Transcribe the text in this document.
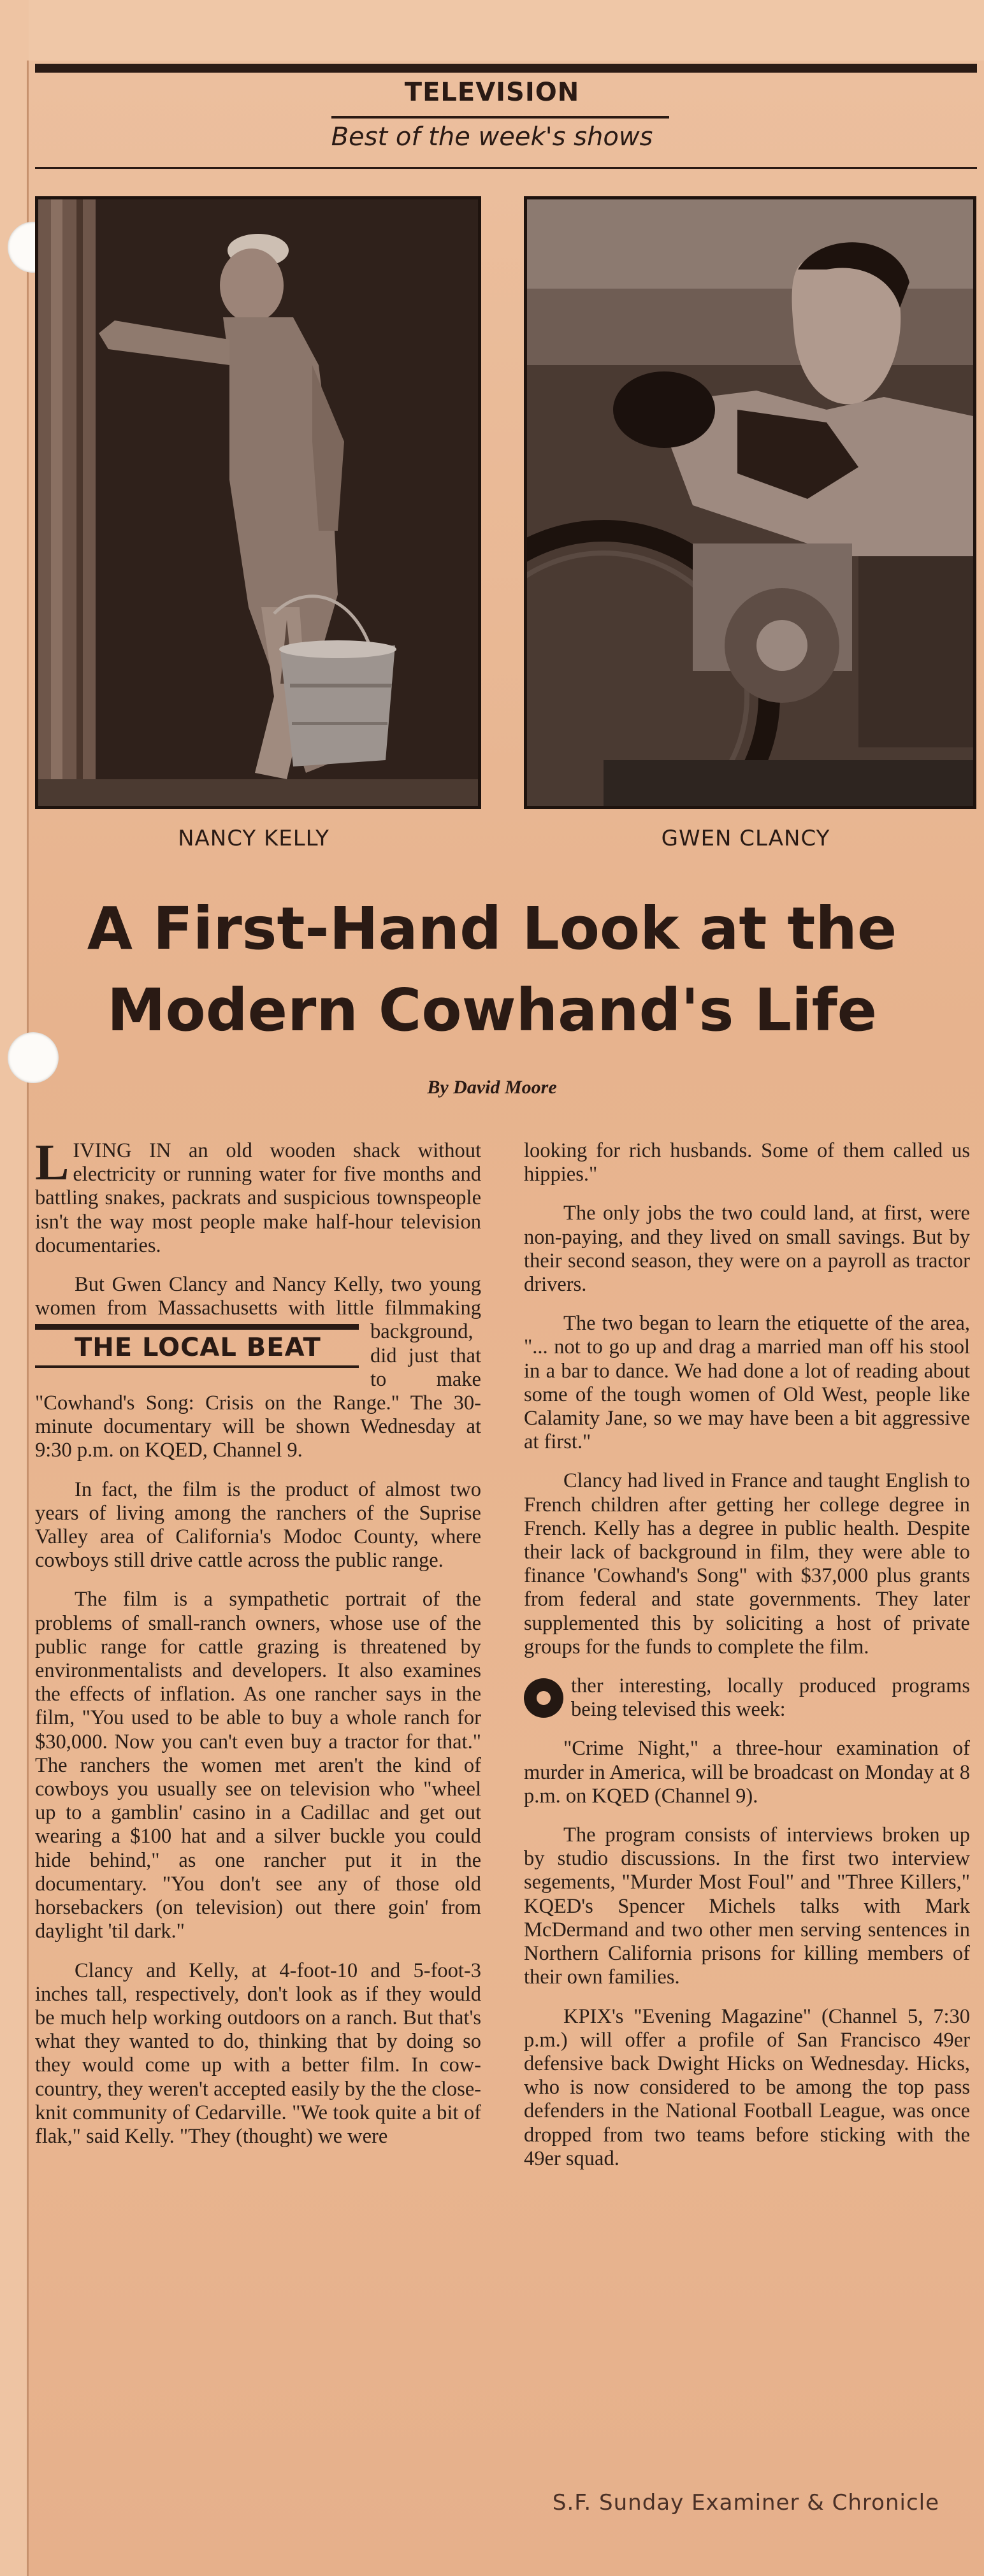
TELEVISION
Best of the week's shows
NANCY KELLY	GWEN CLANCY
A First-Hand Look at the
Modern Cowhand's Life
By David Moore

LIVING IN an old wooden shack without electricity or running water for five months and battling snakes, packrats and suspicious townspeople isn't the way most people make half-hour television documentaries.

But Gwen Clancy and Nancy Kelly, two young women from Massachusetts
THE LOCAL BEAT
with little filmmaking background, did just that to make "Cowhand's Song: Crisis on the Range." The 30-minute documentary will be shown Wednesday at 9:30 p.m. on KQED, Channel 9.

In fact, the film is the product of almost two years of living among the ranchers of the Suprise Valley area of California's Modoc County, where cowboys still drive cattle across the public range.

The film is a sympathetic portrait of the problems of small-ranch owners, whose use of the public range for cattle grazing is threatened by environmentalists and developers. It also examines the effects of inflation. As one rancher says in the film, "You used to be able to buy a whole ranch for $30,000. Now you can't even buy a tractor for that." The ranchers the women met aren't the kind of cowboys you usually see on television who "wheel up to a gamblin' casino in a Cadillac and get out wearing a $100 hat and a silver buckle you could hide behind," as one rancher put it in the documentary. "You don't see any of those old horsebackers (on television) out there goin' from daylight 'til dark."

Clancy and Kelly, at 4-foot-10 and 5-foot-3 inches tall, respectively, don't look as if they would be much help working outdoors on a ranch. But that's what they wanted to do, thinking that by doing so they would come up with a better film. In cow-country, they weren't accepted easily by the the close-knit community of Cedarville. "We took quite a bit of flak," said Kelly. "They (thought) we were

looking for rich husbands. Some of them called us hippies."

The only jobs the two could land, at first, were non-paying, and they lived on small savings. But by their second season, they were on a payroll as tractor drivers.

The two began to learn the etiquette of the area, "... not to go up and drag a married man off his stool in a bar to dance. We had done a lot of reading about some of the tough women of Old West, people like Calamity Jane, so we may have been a bit aggressive at first."

Clancy had lived in France and taught English to French children after getting her college degree in French. Kelly has a degree in public health. Despite their lack of background in film, they were able to finance 'Cowhand's Song" with $37,000 plus grants from federal and state governments. They later supplemented this by soliciting a host of private groups for the funds to complete the film.

ther interesting, locally produced programs being televised this week:

"Crime Night," a three-hour examination of murder in America, will be broadcast on Monday at 8 p.m. on KQED (Channel 9).

The program consists of interviews broken up by studio discussions. In the first two interview segements, "Murder Most Foul" and "Three Killers," KQED's Spencer Michels talks with Mark McDermand and two other men serving sentences in Northern California prisons for killing members of their own families.

KPIX's "Evening Magazine" (Channel 5, 7:30 p.m.) will offer a profile of San Francisco 49er defensive back Dwight Hicks on Wednesday. Hicks, who is now considered to be among the top pass defenders in the National Football League, was once dropped from two teams before sticking with the 49er squad.

S.F. Sunday Examiner & Chronicle
